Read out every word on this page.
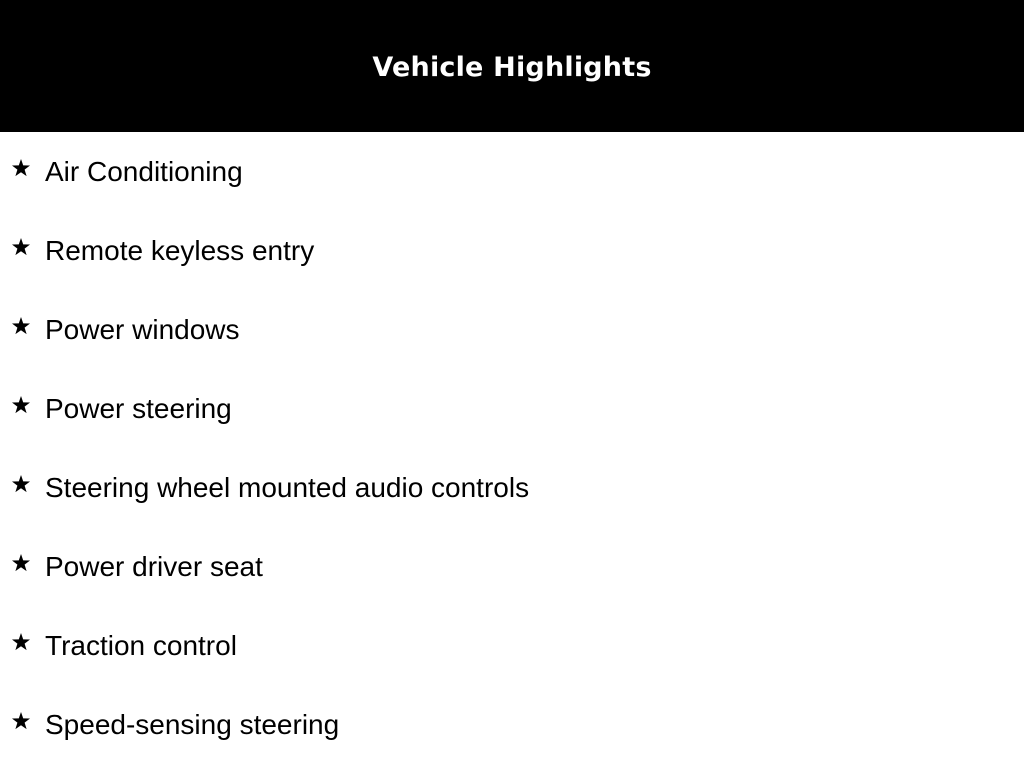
Vehicle Highlights
Air Conditioning
Remote keyless entry
Power windows
Power steering
Steering wheel mounted audio controls
Power driver seat
Traction control
Speed-sensing steering
